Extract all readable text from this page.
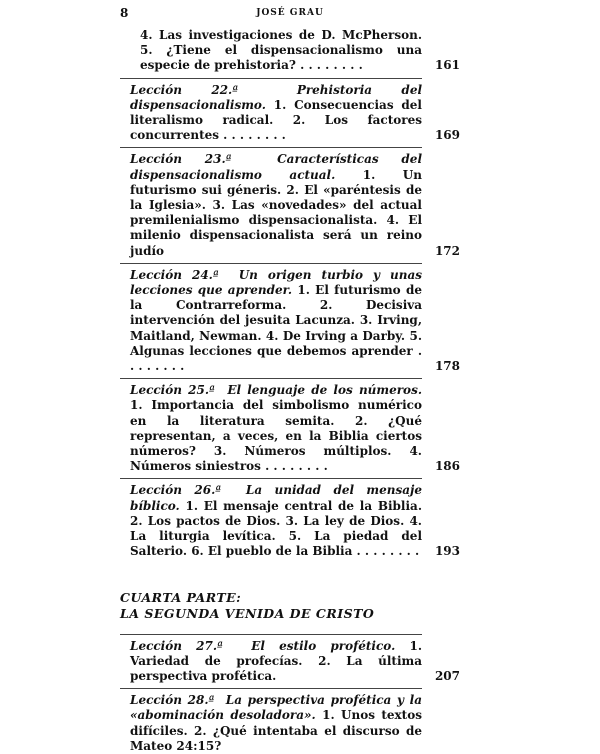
8	JOSÉ GRAU
4. Las investigaciones de D. McPherson. 5. ¿Tiene el dispensacionalismo una especie de prehistoria? . . . . . . . .	161
Lección 22.ª	Prehistoria del dispensacionalismo. 1. Consecuencias del literalismo radical. 2. Los factores concurrentes . . . . . . . .	169
Lección 23.ª	Características del dispensacionalismo actual. 1. Un futurismo sui géneris. 2. El «paréntesis de la Iglesia». 3. Las «novedades» del actual premilenialismo dispensacionalista. 4. El milenio dispensacionalista será un reino judío	172
Lección 24.ª Un origen turbio y unas lecciones que aprender. 1. El futurismo de la Contrarreforma. 2. Decisiva intervención del jesuita Lacunza. 3. Irving, Maitland, Newman. 4. De Irving a Darby. 5. Algunas lecciones que debemos aprender . . . . . . . .	178
Lección 25.ª El lenguaje de los números. 1. Importancia del simbolismo numérico en la literatura semita. 2. ¿Qué representan, a veces, en la Biblia ciertos números? 3. Números múltiplos. 4. Números siniestros . . . . . . . .	186
Lección 26.ª La unidad del mensaje bíblico. 1. El mensaje central de la Biblia. 2. Los pactos de Dios. 3. La ley de Dios. 4. La liturgia levítica. 5. La piedad del Salterio. 6. El pueblo de la Biblia . . . . . . . .	193
CUARTA PARTE:
LA SEGUNDA VENIDA DE CRISTO
Lección 27.ª El estilo profético. 1. Variedad de profecías. 2. La última perspectiva profética.	207
Lección 28.ª La perspectiva profética y la «abominación desoladora». 1. Unos textos difíciles. 2. ¿Qué intentaba el discurso de Mateo 24:15?
